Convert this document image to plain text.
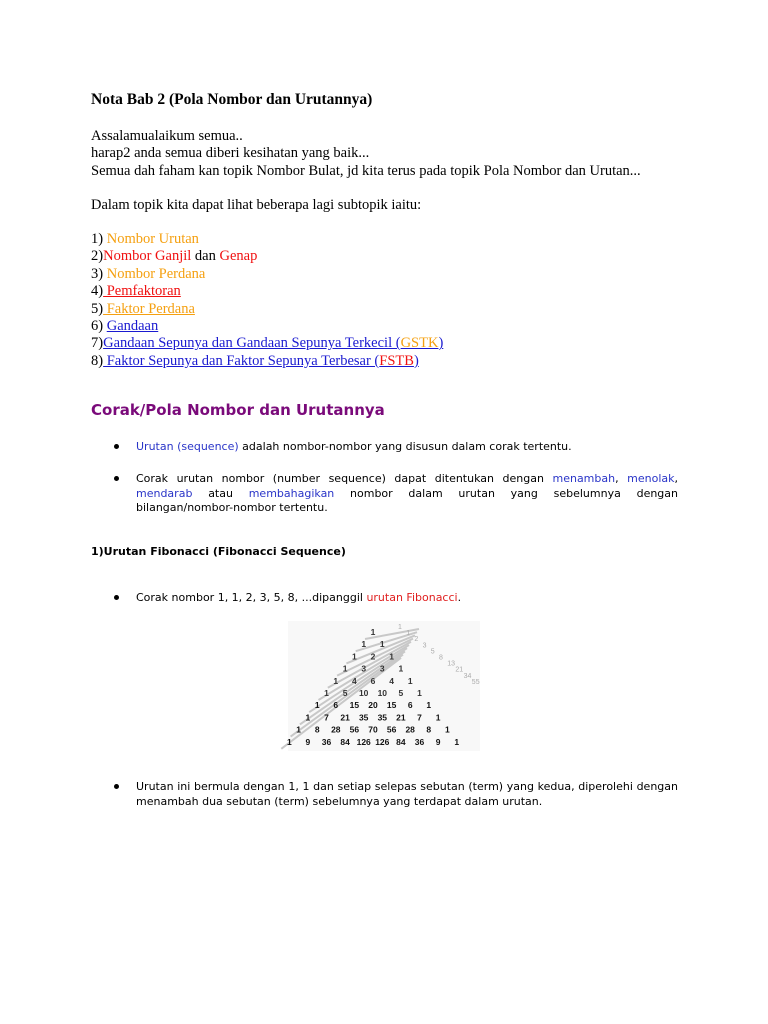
Nota Bab 2 (Pola Nombor dan Urutannya)
Assalamualaikum semua..
harap2 anda semua diberi kesihatan yang baik...
Semua dah faham kan topik Nombor Bulat, jd kita terus pada topik Pola Nombor dan Urutan...
Dalam topik kita dapat lihat beberapa lagi subtopik iaitu:
1) Nombor Urutan
2)Nombor Ganjil dan Genap
3) Nombor Perdana
4) Pemfaktoran
5) Faktor Perdana
6) Gandaan
7)Gandaan Sepunya dan Gandaan Sepunya Terkecil (GSTK)
8) Faktor Sepunya dan Faktor Sepunya Terbesar (FSTB)
Corak/Pola Nombor dan Urutannya
Urutan (sequence) adalah nombor-nombor yang disusun dalam corak tertentu.
Corak urutan nombor (number sequence) dapat ditentukan dengan menambah, menolak, mendarab atau membahagikan nombor dalam urutan yang sebelumnya dengan bilangan/nombor-nombor tertentu.
1)Urutan Fibonacci (Fibonacci Sequence)
Corak nombor 1, 1, 2, 3, 5, 8, ...dipanggil urutan Fibonacci.
1
1
2
3
5
8
13
21
34
55
1
1 1
1 2 1
1 3 3 1
1 4 6 4 1
1 5 10 10 5 1
1 6 15 20 15 6 1
1 7 21 35 35 21 7 1
1 8 28 56 70 56 28 8 1
1 9 36 84 126 126 84 36 9 1
Urutan ini bermula dengan 1, 1 dan setiap selepas sebutan (term) yang kedua, diperolehi dengan menambah dua sebutan (term) sebelumnya yang terdapat dalam urutan.
